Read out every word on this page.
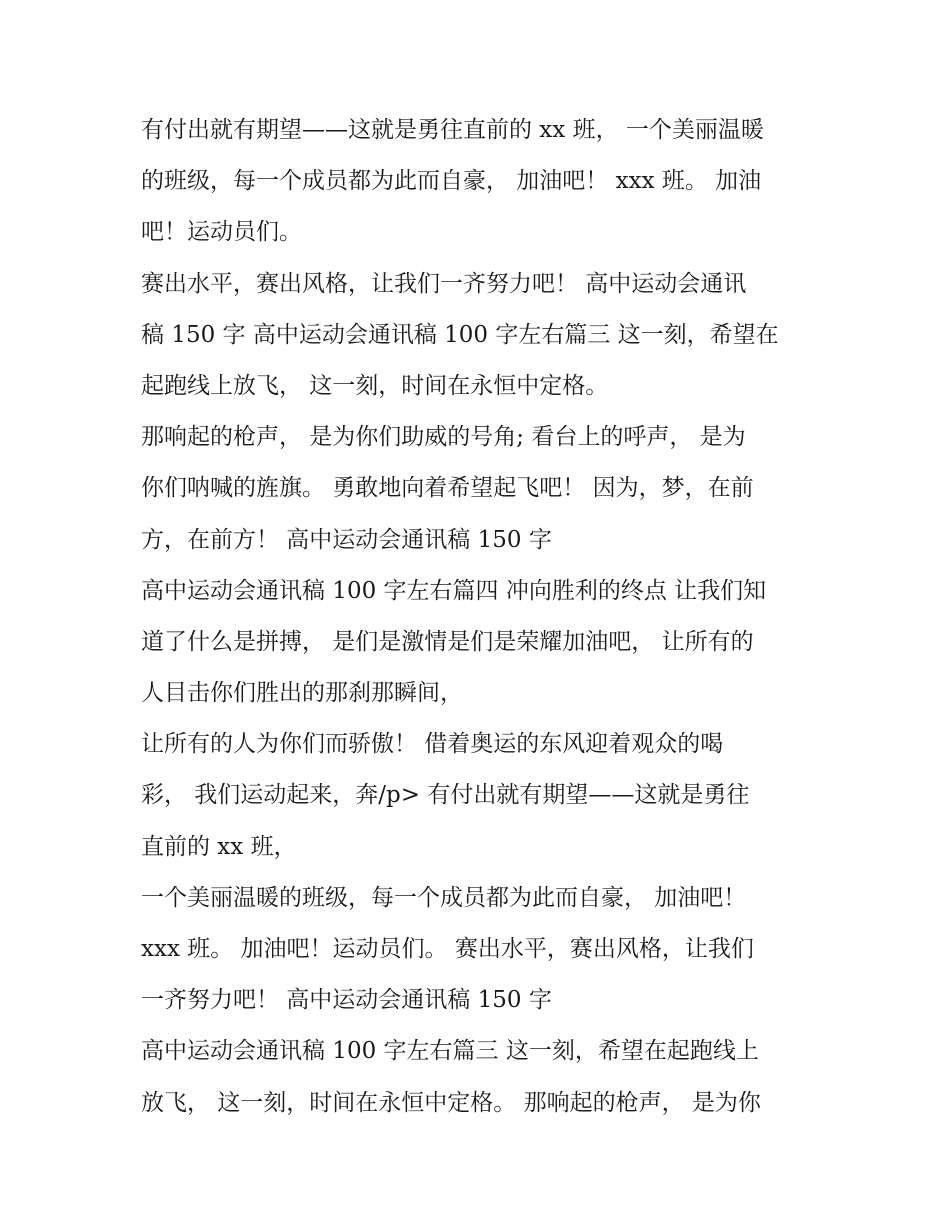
有付出就有期望——这就是勇往直前的 xx 班， 一个美丽温暖
的班级，每一个成员都为此而自豪， 加油吧！ xxx 班。 加油
吧！运动员们。

赛出水平，赛出风格，让我们一齐努力吧！ 高中运动会通讯
稿 150 字 高中运动会通讯稿 100 字左右篇三 这一刻，希望在
起跑线上放飞， 这一刻，时间在永恒中定格。

那响起的枪声， 是为你们助威的号角; 看台上的呼声， 是为
你们呐喊的旌旗。 勇敢地向着希望起飞吧！ 因为，梦，在前
方，在前方！ 高中运动会通讯稿 150 字

高中运动会通讯稿 100 字左右篇四 冲向胜利的终点 让我们知
道了什么是拼搏， 是们是激情是们是荣耀加油吧， 让所有的
人目击你们胜出的那刹那瞬间，

让所有的人为你们而骄傲！ 借着奥运的东风迎着观众的喝
彩， 我们运动起来，奔/p> 有付出就有期望——这就是勇往
直前的 xx 班，

一个美丽温暖的班级，每一个成员都为此而自豪， 加油吧！
xxx 班。 加油吧！运动员们。 赛出水平，赛出风格，让我们
一齐努力吧！ 高中运动会通讯稿 150 字

高中运动会通讯稿 100 字左右篇三 这一刻，希望在起跑线上
放飞， 这一刻，时间在永恒中定格。 那响起的枪声， 是为你
